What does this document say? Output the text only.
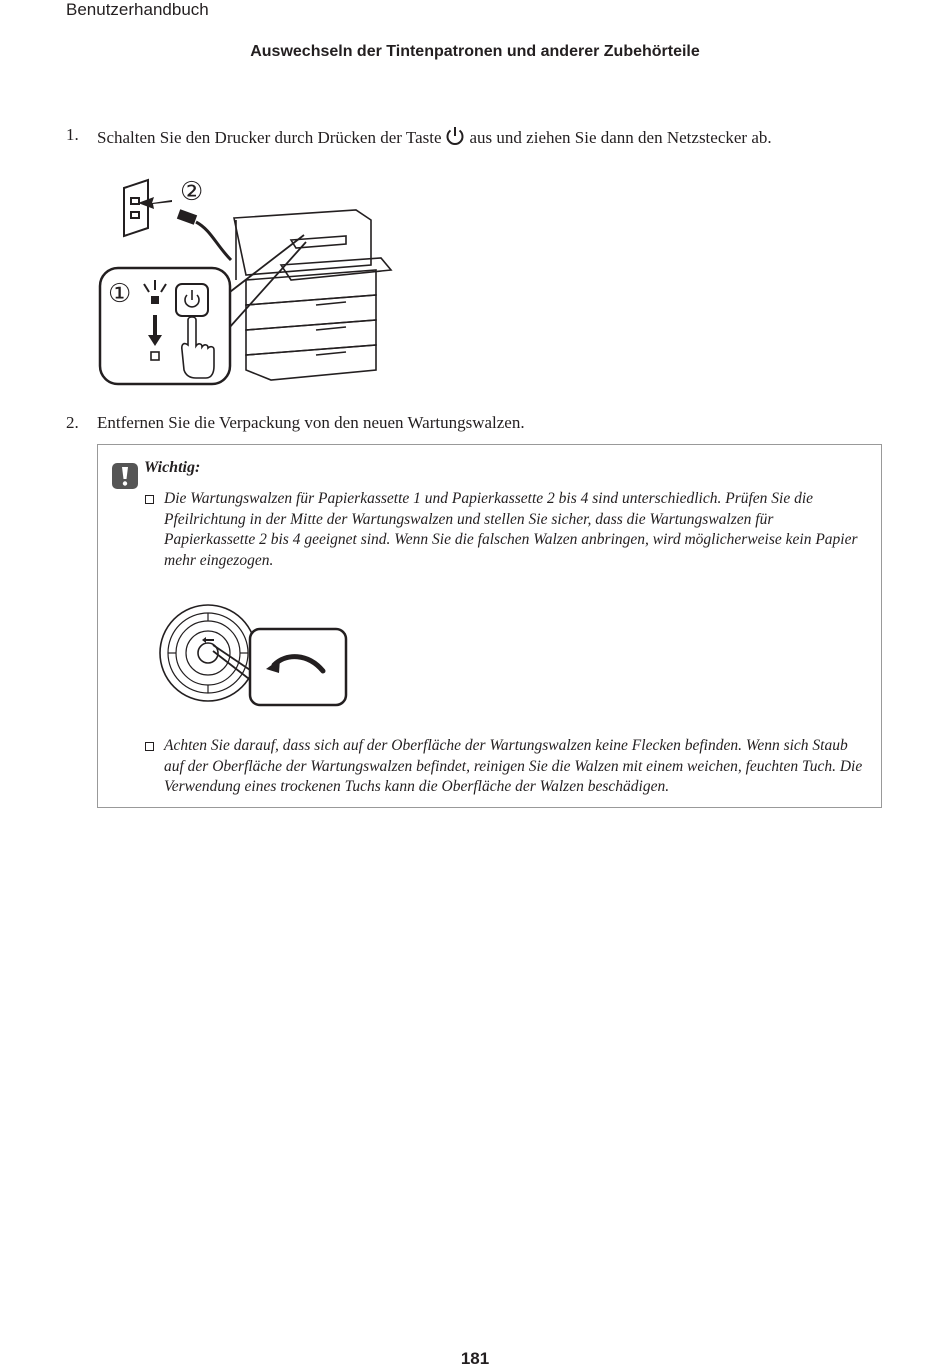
Benutzerhandbuch
Auswechseln der Tintenpatronen und anderer Zubehörteile
1. Schalten Sie den Drucker durch Drücken der Taste aus und ziehen Sie dann den Netzstecker ab.
②
①
2. Entfernen Sie die Verpackung von den neuen Wartungswalzen.
Wichtig:
Die Wartungswalzen für Papierkassette 1 und Papierkassette 2 bis 4 sind unterschiedlich. Prüfen Sie die Pfeilrichtung in der Mitte der Wartungswalzen und stellen Sie sicher, dass die Wartungswalzen für Papierkassette 2 bis 4 geeignet sind. Wenn Sie die falschen Walzen anbringen, wird möglicherweise kein Papier mehr eingezogen.
Achten Sie darauf, dass sich auf der Oberfläche der Wartungswalzen keine Flecken befinden. Wenn sich Staub auf der Oberfläche der Wartungswalzen befindet, reinigen Sie die Walzen mit einem weichen, feuchten Tuch. Die Verwendung eines trockenen Tuchs kann die Oberfläche der Walzen beschädigen.
181
